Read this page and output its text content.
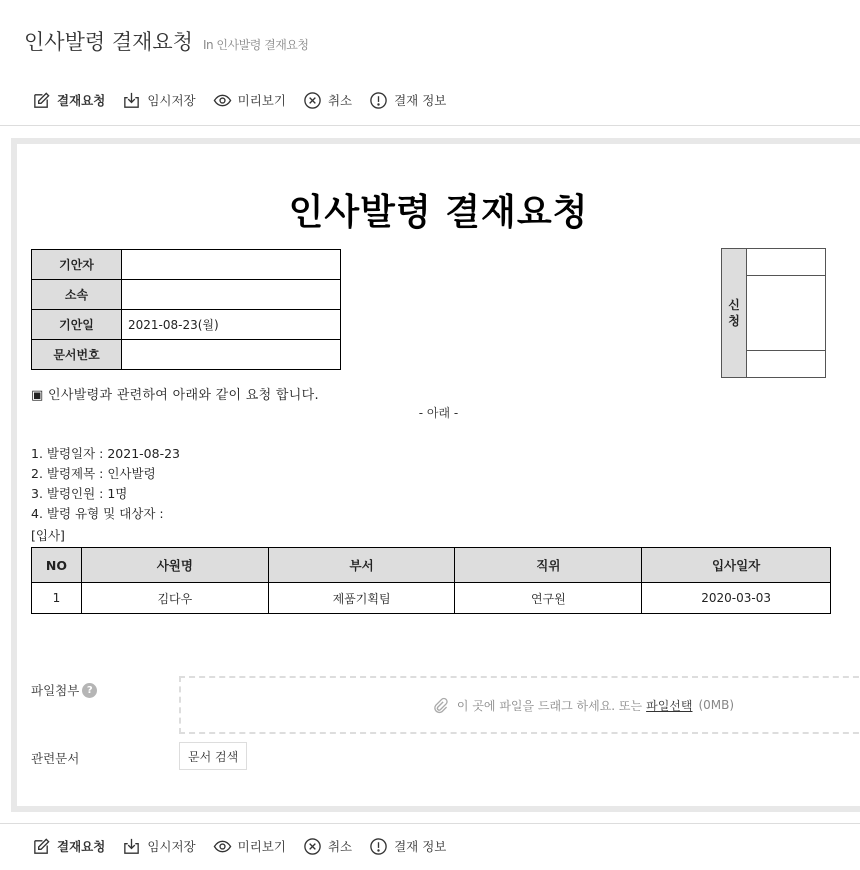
인사발령 결재요청 In 인사발령 결재요청
결재요청	임시저장	미리보기	취소	결재 정보
인사발령 결재요청
기안자	
소속	
기안일	2021-08-23(월)
문서번호	
신
청
▣ 인사발령과 관련하여 아래와 같이 요청 합니다.
- 아래 -
1. 발령일자 : 2021-08-23
2. 발령제목 : 인사발령
3. 발령인원 : 1명
4. 발령 유형 및 대상자 :
[입사]
NO	사원명	부서	직위	입사일자
1	김다우	제품기획팀	연구원	2020-03-03
파일첨부 ?
이 곳에 파일을 드래그 하세요. 또는 파일선택 (0MB)
관련문서	문서 검색
결재요청	임시저장	미리보기	취소	결재 정보
